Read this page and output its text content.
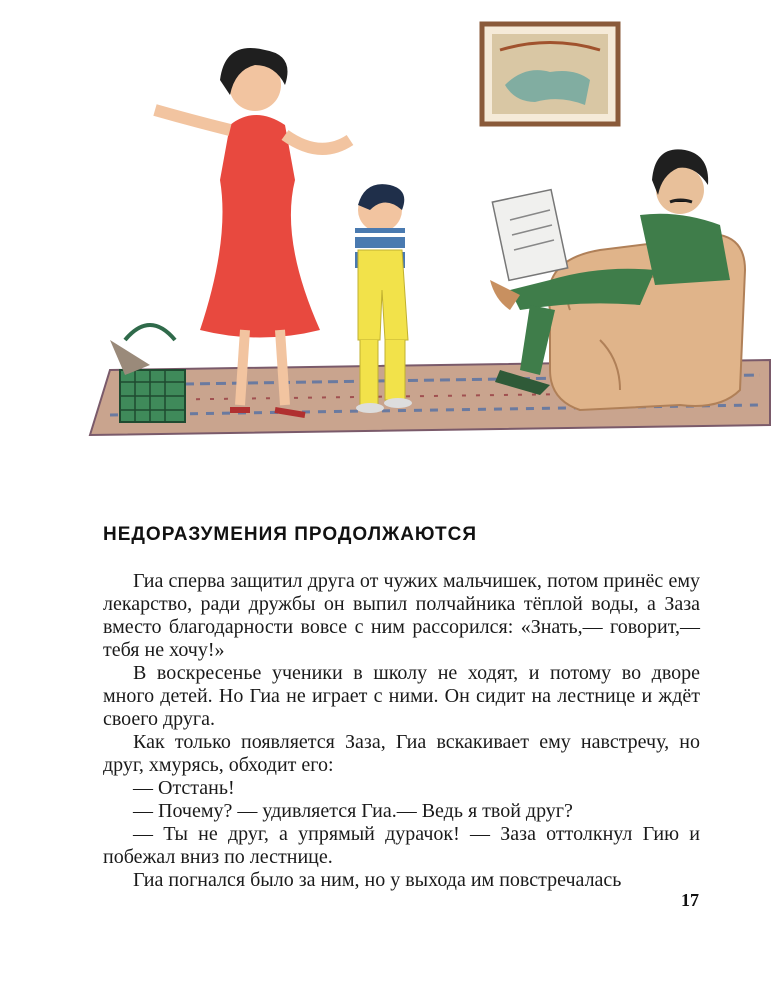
НЕДОРАЗУМЕНИЯ ПРОДОЛЖАЮТСЯ

Гиа сперва защитил друга от чужих мальчишек, потом принёс ему лекарство, ради дружбы он выпил полчайника тёплой воды, а Заза вместо благодарности вовсе с ним рассорился: «Знать,— говорит,— тебя не хочу!»

В воскресенье ученики в школу не ходят, и потому во дворе много детей. Но Гиа не играет с ними. Он сидит на лестнице и ждёт своего друга.

Как только появляется Заза, Гиа вскакивает ему навстречу, но друг, хмурясь, обходит его:

— Отстань!

— Почему? — удивляется Гиа.— Ведь я твой друг?

— Ты не друг, а упрямый дурачок! — Заза оттолкнул Гию и побежал вниз по лестнице.

Гиа погнался было за ним, но у выхода им повстречалась

17
